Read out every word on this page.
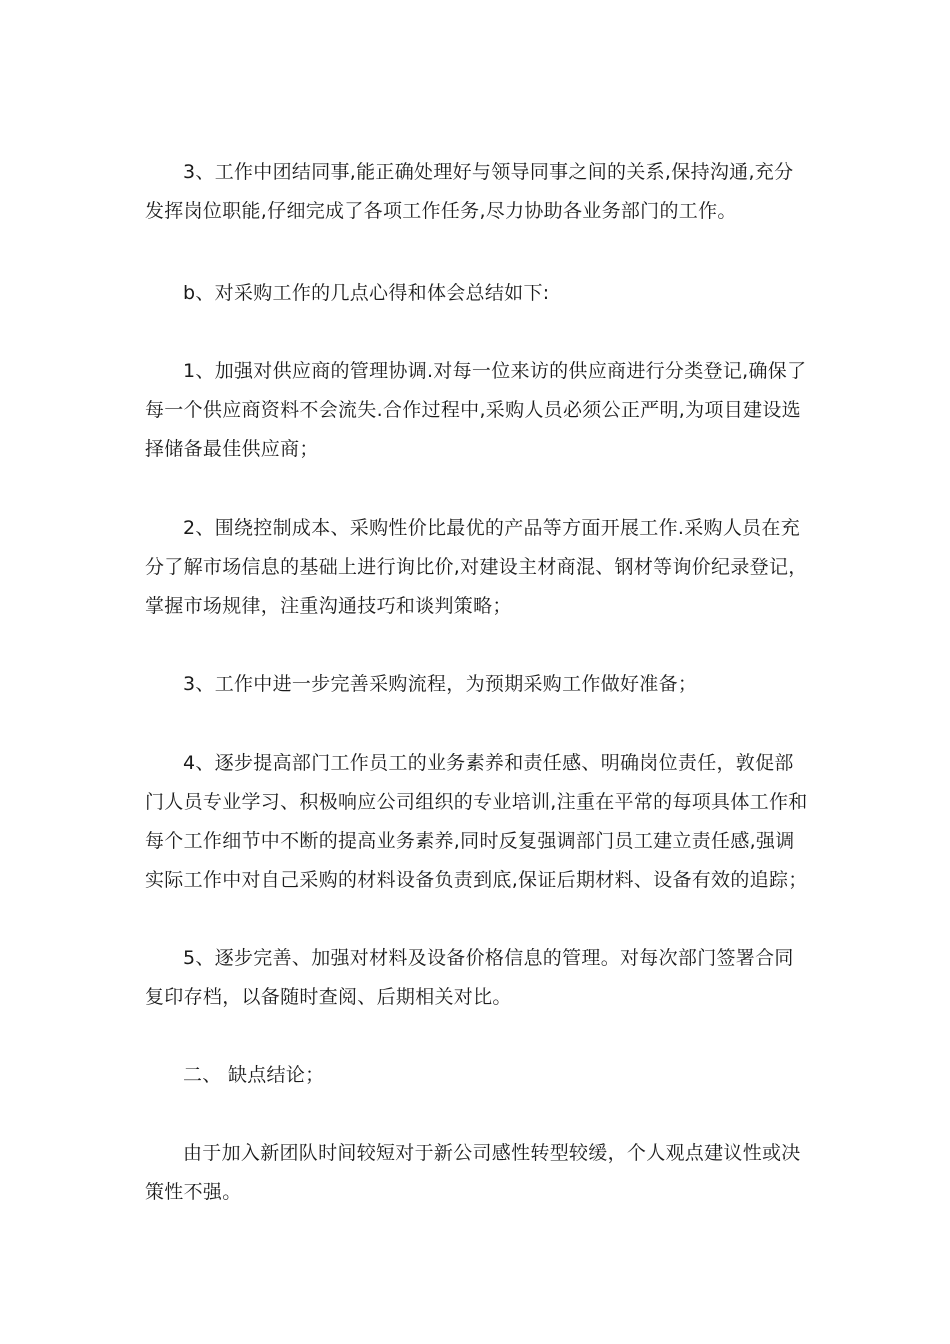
3、工作中团结同事,能正确处理好与领导同事之间的关系,保持沟通,充分发挥岗位职能,仔细完成了各项工作任务,尽力协助各业务部门的工作。

b、对采购工作的几点心得和体会总结如下:

1、加强对供应商的管理协调.对每一位来访的供应商进行分类登记,确保了每一个供应商资料不会流失.合作过程中,采购人员必须公正严明,为项目建设选择储备最佳供应商；

2、围绕控制成本、采购性价比最优的产品等方面开展工作.采购人员在充分了解市场信息的基础上进行询比价,对建设主材商混、钢材等询价纪录登记，掌握市场规律，注重沟通技巧和谈判策略；

3、工作中进一步完善采购流程，为预期采购工作做好准备；

4、逐步提高部门工作员工的业务素养和责任感、明确岗位责任，敦促部门人员专业学习、积极响应公司组织的专业培训,注重在平常的每项具体工作和每个工作细节中不断的提高业务素养,同时反复强调部门员工建立责任感,强调实际工作中对自己采购的材料设备负责到底,保证后期材料、设备有效的追踪；

5、逐步完善、加强对材料及设备价格信息的管理。对每次部门签署合同复印存档，以备随时查阅、后期相关对比。

二、 缺点结论；

由于加入新团队时间较短对于新公司感性转型较缓，个人观点建议性或决策性不强。
